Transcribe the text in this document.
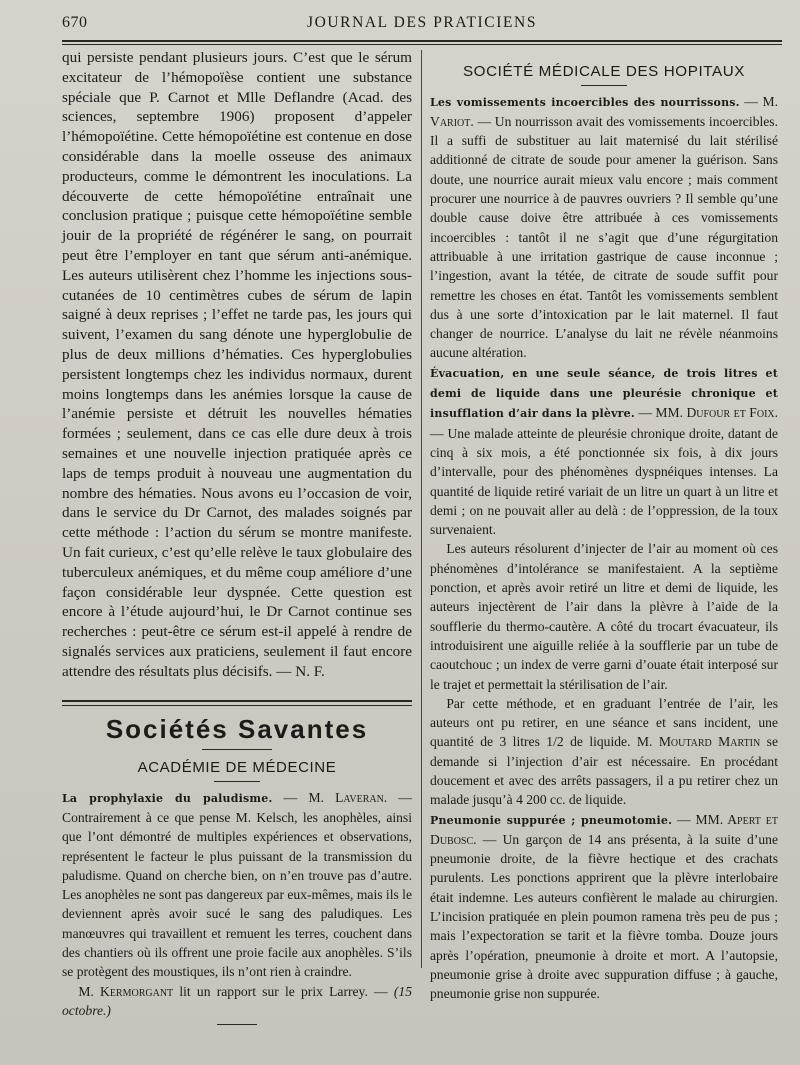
670	JOURNAL DES PRATICIENS

qui persiste pendant plusieurs jours. C’est que le sérum excitateur de l’hémopoïèse contient une substance spéciale que P. Carnot et Mlle Deflandre (Acad. des sciences, septembre 1906) proposent d’appeler l’hémopoïétine. Cette hémopoïétine est contenue en dose considérable dans la moelle osseuse des animaux producteurs, comme le démontrent les inoculations. La découverte de cette hémopoïétine entraînait une conclusion pratique ; puisque cette hémopoïétine semble jouir de la propriété de régénérer le sang, on pourrait peut être l’employer en tant que sérum anti-anémique. Les auteurs utilisèrent chez l’homme les injections sous-cutanées de 10 centimètres cubes de sérum de lapin saigné à deux reprises ; l’effet ne tarde pas, les jours qui suivent, l’examen du sang dénote une hyperglobulie de plus de deux millions d’hématies. Ces hyperglobulies persistent longtemps chez les individus normaux, durent moins longtemps dans les anémies lorsque la cause de l’anémie persiste et détruit les nouvelles hématies formées ; seulement, dans ce cas elle dure deux à trois semaines et une nouvelle injection pratiquée après ce laps de temps produit à nouveau une augmentation du nombre des hématies. Nous avons eu l’occasion de voir, dans le service du Dr Carnot, des malades soignés par cette méthode : l’action du sérum se montre manifeste. Un fait curieux, c’est qu’elle relève le taux globulaire des tuberculeux anémiques, et du même coup améliore d’une façon considérable leur dyspnée. Cette question est encore à l’étude aujourd’hui, le Dr Carnot continue ses recherches : peut-être ce sérum est-il appelé à rendre de signalés services aux praticiens, seulement il faut encore attendre des résultats plus décisifs. — N. F.

Sociétés Savantes
ACADÉMIE DE MÉDECINE

La prophylaxie du paludisme. — M. Laveran. — Contrairement à ce que pense M. Kelsch, les anophèles, ainsi que l’ont démontré de multiples expériences et observations, représentent le facteur le plus puissant de la transmission du paludisme. Quand on cherche bien, on n’en trouve pas d’autre. Les anophèles ne sont pas dangereux par eux-mêmes, mais ils le deviennent après avoir sucé le sang des paludiques. Les manœuvres qui travaillent et remuent les terres, couchent dans des chantiers où ils offrent une proie facile aux anophèles. S’ils se protègent des moustiques, ils n’ont rien à craindre.

M. Kermorgant lit un rapport sur le prix Larrey. — (15 octobre.)

SOCIÉTÉ MÉDICALE DES HOPITAUX

Les vomissements incoercibles des nourrissons. — M. Variot. — Un nourrisson avait des vomissements incoercibles. Il a suffi de substituer au lait maternisé du lait stérilisé additionné de citrate de soude pour amener la guérison. Sans doute, une nourrice aurait mieux valu encore ; mais comment procurer une nourrice à de pauvres ouvriers ? Il semble qu’une double cause doive être attribuée à ces vomissements incoercibles : tantôt il ne s’agit que d’une régurgitation attribuable à une irritation gastrique de cause inconnue ; l’ingestion, avant la tétée, de citrate de soude suffit pour remettre les choses en état. Tantôt les vomissements semblent dus à une sorte d’intoxication par le lait maternel. Il faut changer de nourrice. L’analyse du lait ne révèle néanmoins aucune altération.

Évacuation, en une seule séance, de trois litres et demi de liquide dans une pleurésie chronique et insufflation d’air dans la plèvre. — MM. Dufour et Foix. — Une malade atteinte de pleurésie chronique droite, datant de cinq à six mois, a été ponctionnée six fois, à dix jours d’intervalle, pour des phénomènes dyspnéiques intenses. La quantité de liquide retiré variait de un litre un quart à un litre et demi ; on ne pouvait aller au delà : de l’oppression, de la toux survenaient.

Les auteurs résolurent d’injecter de l’air au moment où ces phénomènes d’intolérance se manifestaient. A la septième ponction, et après avoir retiré un litre et demi de liquide, les auteurs injectèrent de l’air dans la plèvre à l’aide de la soufflerie du thermo-cautère. A côté du trocart évacuateur, ils introduisirent une aiguille reliée à la soufflerie par un tube de caoutchouc ; un index de verre garni d’ouate était interposé sur le trajet et permettait la stérilisation de l’air.

Par cette méthode, et en graduant l’entrée de l’air, les auteurs ont pu retirer, en une séance et sans incident, une quantité de 3 litres 1/2 de liquide. M. Moutard Martin se demande si l’injection d’air est nécessaire. En procédant doucement et avec des arrêts passagers, il a pu retirer chez un malade jusqu’à 4 200 cc. de liquide.

Pneumonie suppurée ; pneumotomie. — MM. Apert et Dubosc. — Un garçon de 14 ans présenta, à la suite d’une pneumonie droite, de la fièvre hectique et des crachats purulents. Les ponctions apprirent que la plèvre interlobaire était indemne. Les auteurs confièrent le malade au chirurgien. L’incision pratiquée en plein poumon ramena très peu de pus ; mais l’expectoration se tarit et la fièvre tomba. Douze jours après l’opération, pneumonie à droite et mort. A l’autopsie, pneumonie grise à droite avec suppuration diffuse ; à gauche, pneumonie grise non suppurée.
